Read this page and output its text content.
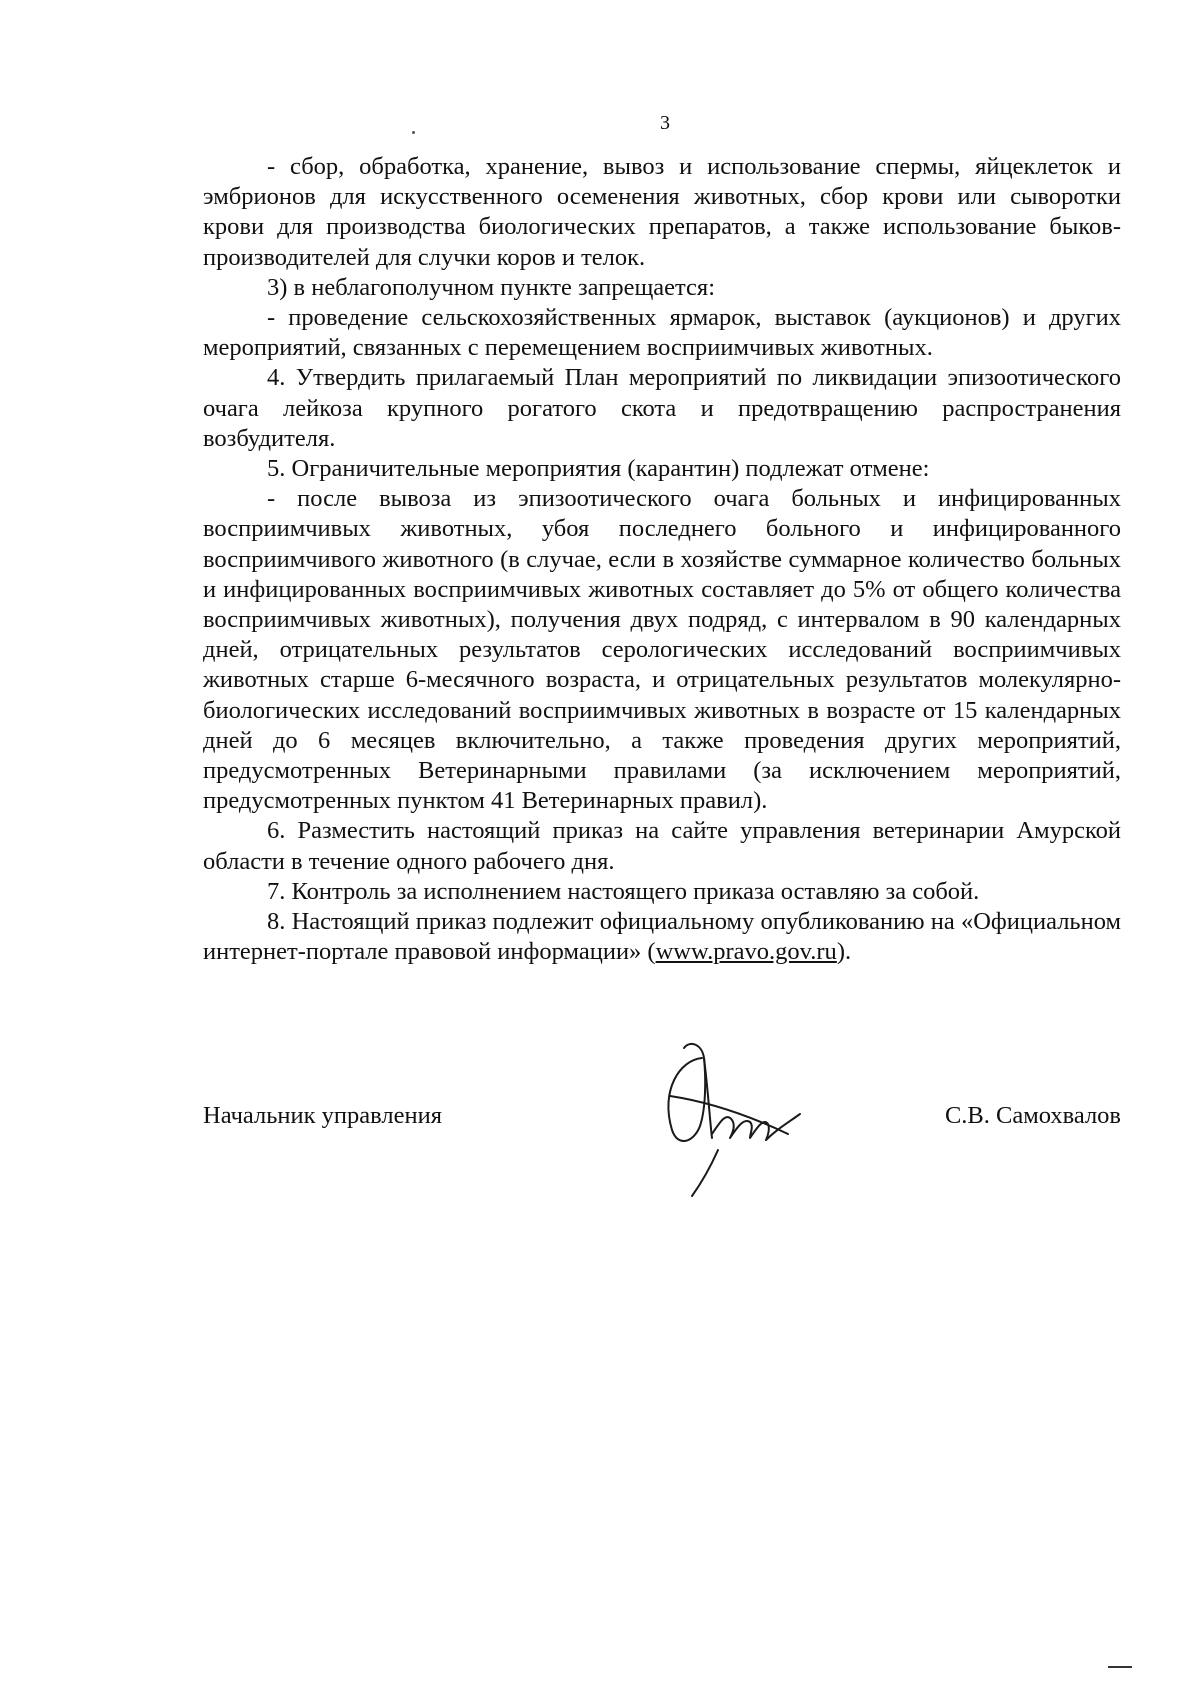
3

- сбор, обработка, хранение, вывоз и использование спермы, яйцеклеток и эмбрионов для искусственного осеменения животных, сбор крови или сыворотки крови для производства биологических препаратов, а также использование быков-производителей для случки коров и телок.

3) в неблагополучном пункте запрещается:

- проведение сельскохозяйственных ярмарок, выставок (аукционов) и других мероприятий, связанных с перемещением восприимчивых животных.

4. Утвердить прилагаемый План мероприятий по ликвидации эпизоотического очага лейкоза крупного рогатого скота и предотвращению распространения возбудителя.

5. Ограничительные мероприятия (карантин) подлежат отмене:

- после вывоза из эпизоотического очага больных и инфицированных восприимчивых животных, убоя последнего больного и инфицированного восприимчивого животного (в случае, если в хозяйстве суммарное количество больных и инфицированных восприимчивых животных составляет до 5% от общего количества восприимчивых животных), получения двух подряд, с интервалом в 90 календарных дней, отрицательных результатов серологических исследований восприимчивых животных старше 6-месячного возраста, и отрицательных результатов молекулярно-биологических исследований восприимчивых животных в возрасте от 15 календарных дней до 6 месяцев включительно, а также проведения других мероприятий, предусмотренных Ветеринарными правилами (за исключением мероприятий, предусмотренных пунктом 41 Ветеринарных правил).

6. Разместить настоящий приказ на сайте управления ветеринарии Амурской области в течение одного рабочего дня.

7. Контроль за исполнением настоящего приказа оставляю за собой.

8. Настоящий приказ подлежит официальному опубликованию на «Официальном интернет-портале правовой информации» (www.pravo.gov.ru).

Начальник управления	С.В. Самохвалов
